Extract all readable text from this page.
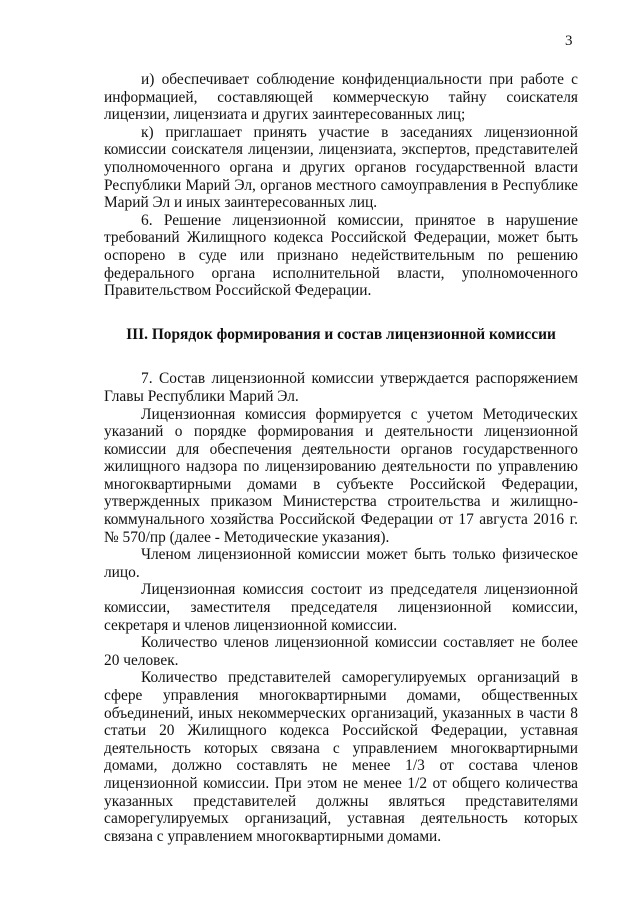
3

и) обеспечивает соблюдение конфиденциальности при работе с информацией, составляющей коммерческую тайну соискателя лицензии, лицензиата и других заинтересованных лиц;

к) приглашает принять участие в заседаниях лицензионной комиссии соискателя лицензии, лицензиата, экспертов, представителей уполномоченного органа и других органов государственной власти Республики Марий Эл, органов местного самоуправления в Республике Марий Эл и иных заинтересованных лиц.

6. Решение лицензионной комиссии, принятое в нарушение требований Жилищного кодекса Российской Федерации, может быть оспорено в суде или признано недействительным по решению федерального органа исполнительной власти, уполномоченного Правительством Российской Федерации.

III. Порядок формирования и состав лицензионной комиссии

7. Состав лицензионной комиссии утверждается распоряжением Главы Республики Марий Эл.

Лицензионная комиссия формируется с учетом Методических указаний о порядке формирования и деятельности лицензионной комиссии для обеспечения деятельности органов государственного жилищного надзора по лицензированию деятельности по управлению многоквартирными домами в субъекте Российской Федерации, утвержденных приказом Министерства строительства и жилищно-коммунального хозяйства Российской Федерации от 17 августа 2016 г. № 570/пр (далее - Методические указания).

Членом лицензионной комиссии может быть только физическое лицо.

Лицензионная комиссия состоит из председателя лицензионной комиссии, заместителя председателя лицензионной комиссии, секретаря и членов лицензионной комиссии.

Количество членов лицензионной комиссии составляет не более 20 человек.

Количество представителей саморегулируемых организаций в сфере управления многоквартирными домами, общественных объединений, иных некоммерческих организаций, указанных в части 8 статьи 20 Жилищного кодекса Российской Федерации, уставная деятельность которых связана с управлением многоквартирными домами, должно составлять не менее 1/3 от состава членов лицензионной комиссии. При этом не менее 1/2 от общего количества указанных представителей должны являться представителями саморегулируемых организаций, уставная деятельность которых связана с управлением многоквартирными домами.
